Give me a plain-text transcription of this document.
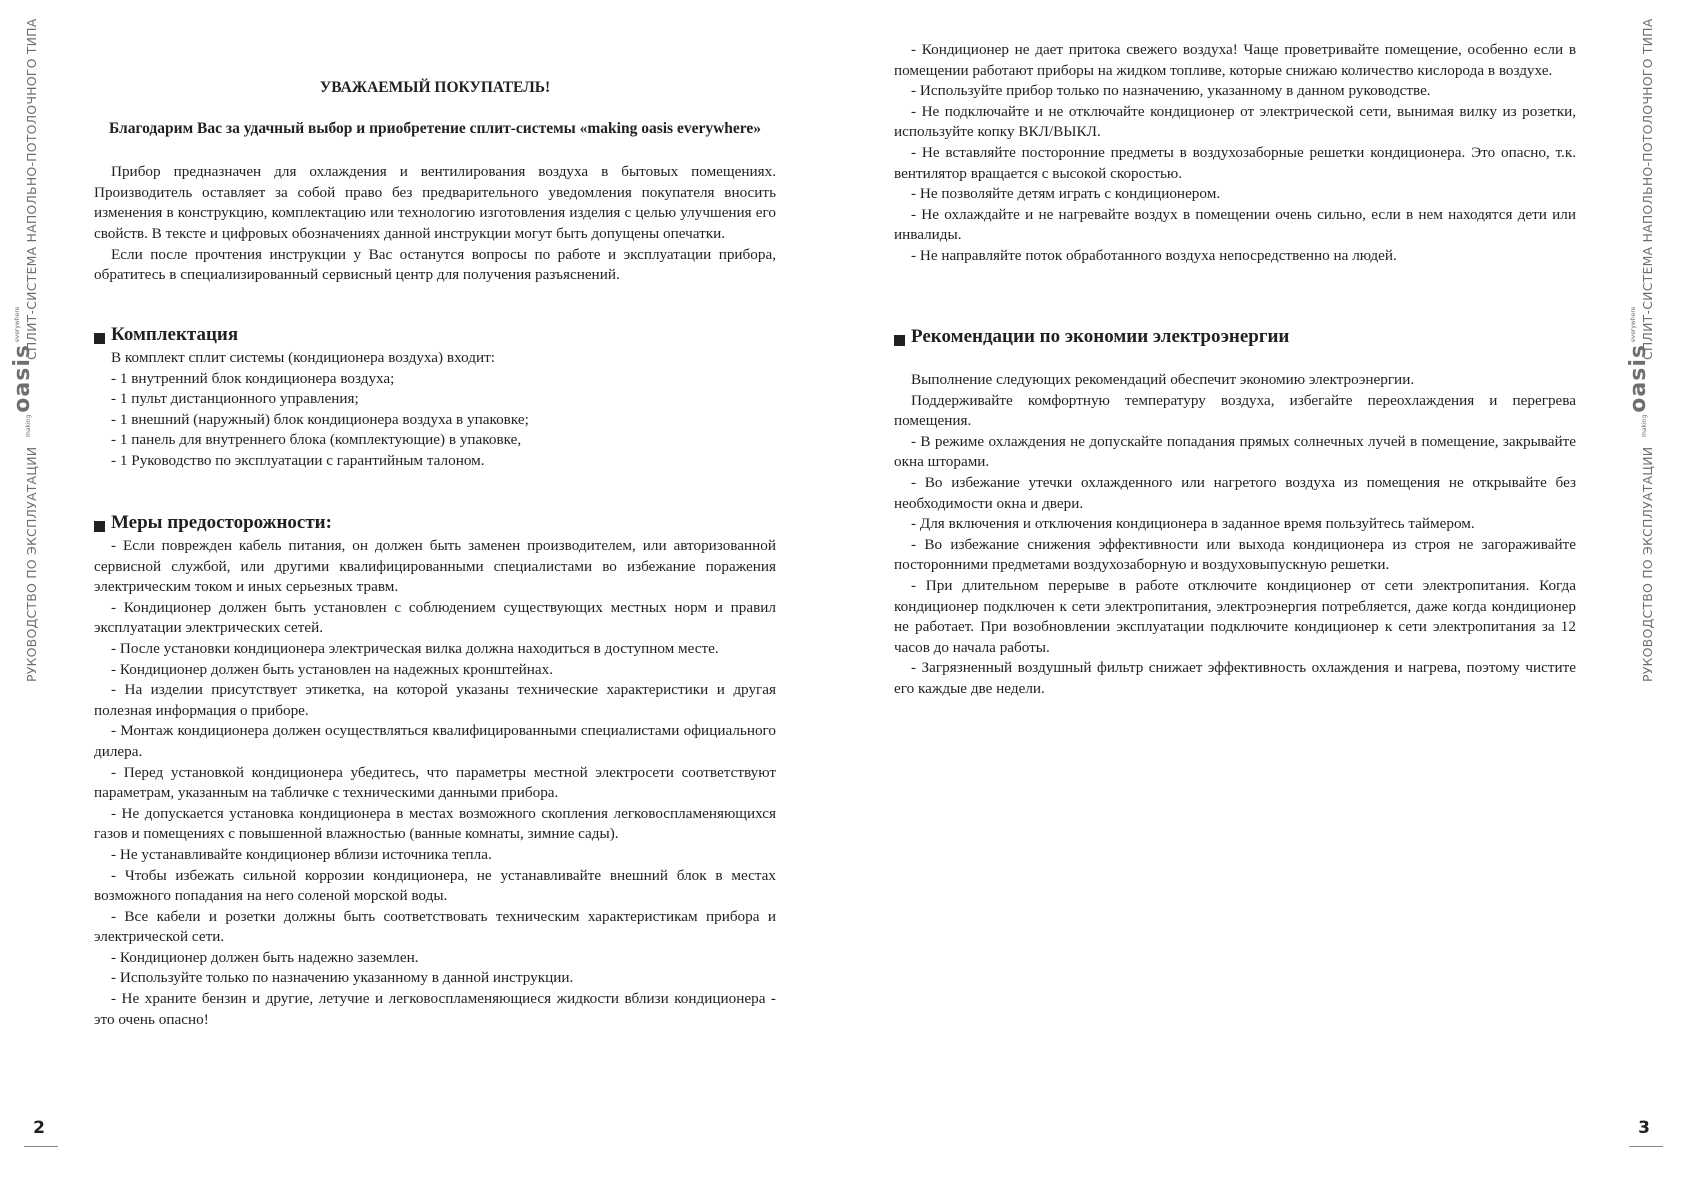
СПЛИТ-СИСТЕМА НАПОЛЬНО-ПОТОЛОЧНОГО ТИПА
making
oasis
everywhere
РУКОВОДСТВО ПО ЭКСПЛУАТАЦИИ
СПЛИТ-СИСТЕМА НАПОЛЬНО-ПОТОЛОЧНОГО ТИПА
making
oasis
everywhere
РУКОВОДСТВО ПО ЭКСПЛУАТАЦИИ
УВАЖАЕМЫЙ ПОКУПАТЕЛЬ!
Благодарим Вас за удачный выбор и приобретение сплит-системы «making oasis everywhere»

Прибор предназначен для охлаждения и вентилирования воздуха в бытовых помещениях. Производитель оставляет за собой право без предварительного уведомления покупателя вносить изменения в конструкцию, комплектацию или технологию изготовления изделия с целью улучшения его свойств. В тексте и цифровых обозначениях данной инструкции могут быть допущены опечатки.

Если после прочтения инструкции у Вас останутся вопросы по работе и эксплуатации прибора, обратитесь в специализированный сервисный центр для получения разъяснений.

Комплектация

В комплект сплит системы (кондиционера воздуха) входит:

- 1 внутренний блок кондиционера воздуха;

- 1 пульт дистанционного управления;

- 1 внешний (наружный) блок кондиционера воздуха в упаковке;

- 1 панель для внутреннего блока (комплектующие) в упаковке,

- 1 Руководство по эксплуатации с гарантийным талоном.

Меры предосторожности:

- Если поврежден кабель питания, он должен быть заменен производителем, или авторизованной сервисной службой, или другими квалифицированными специалистами во избежание поражения электрическим током и иных серьезных травм.

- Кондиционер должен быть установлен с соблюдением существующих местных норм и правил эксплуатации электрических сетей.

- После установки кондиционера электрическая вилка должна находиться в доступном месте.

- Кондиционер должен быть установлен на надежных кронштейнах.

- На изделии присутствует этикетка, на которой указаны технические характеристики и другая полезная информация о приборе.

- Монтаж кондиционера должен осуществляться квалифицированными специалистами официального дилера.

- Перед установкой кондиционера убедитесь, что параметры местной электросети соответствуют параметрам, указанным на табличке с техническими данными прибора.

- Не допускается установка кондиционера в местах возможного скопления легковоспламеняющихся газов и помещениях с повышенной влажностью (ванные комнаты, зимние сады).

- Не устанавливайте кондиционер вблизи источника тепла.

- Чтобы избежать сильной коррозии кондиционера, не устанавливайте внешний блок в местах возможного попадания на него соленой морской воды.

- Все кабели и розетки должны быть соответствовать техническим характеристикам прибора и электрической сети.

- Кондиционер должен быть надежно заземлен.

- Используйте только по назначению указанному в данной инструкции.

- Не храните бензин и другие, летучие и легковоспламеняющиеся жидкости вблизи кондиционера - это очень опасно!

2

- Кондиционер не дает притока свежего воздуха! Чаще проветривайте помещение, особенно если в помещении работают приборы на жидком топливе, которые снижаю количество кислорода в воздухе.

- Используйте прибор только по назначению, указанному в данном руководстве.

- Не подключайте и не отключайте кондиционер от электрической сети, вынимая вилку из розетки, используйте копку ВКЛ/ВЫКЛ.

- Не вставляйте посторонние предметы в воздухозаборные решетки кондиционера. Это опасно, т.к. вентилятор вращается с высокой скоростью.

- Не позволяйте детям играть с кондиционером.

- Не охлаждайте и не нагревайте воздух в помещении очень сильно, если в нем находятся дети или инвалиды.

- Не направляйте поток обработанного воздуха непосредственно на людей.

Рекомендации по экономии электроэнергии

Выполнение следующих рекомендаций обеспечит экономию электроэнергии.

Поддерживайте комфортную температуру воздуха, избегайте переохлаждения и перегрева помещения.

- В режиме охлаждения не допускайте попадания прямых солнечных лучей в помещение, закрывайте окна шторами.

- Во избежание утечки охлажденного или нагретого воздуха из помещения не открывайте без необходимости окна и двери.

- Для включения и отключения кондиционера в заданное время пользуйтесь таймером.

- Во избежание снижения эффективности или выхода кондиционера из строя не загораживайте посторонними предметами воздухозаборную и воздуховыпускную решетки.

- При длительном перерыве в работе отключите кондиционер от сети электропитания. Когда кондиционер подключен к сети электропитания, электроэнергия потребляется, даже когда кондиционер не работает. При возобновлении эксплуатации подключите кондиционер к сети электропитания за 12 часов до начала работы.

- Загрязненный воздушный фильтр снижает эффективность охлаждения и нагрева, поэтому чистите его каждые две недели.

3
